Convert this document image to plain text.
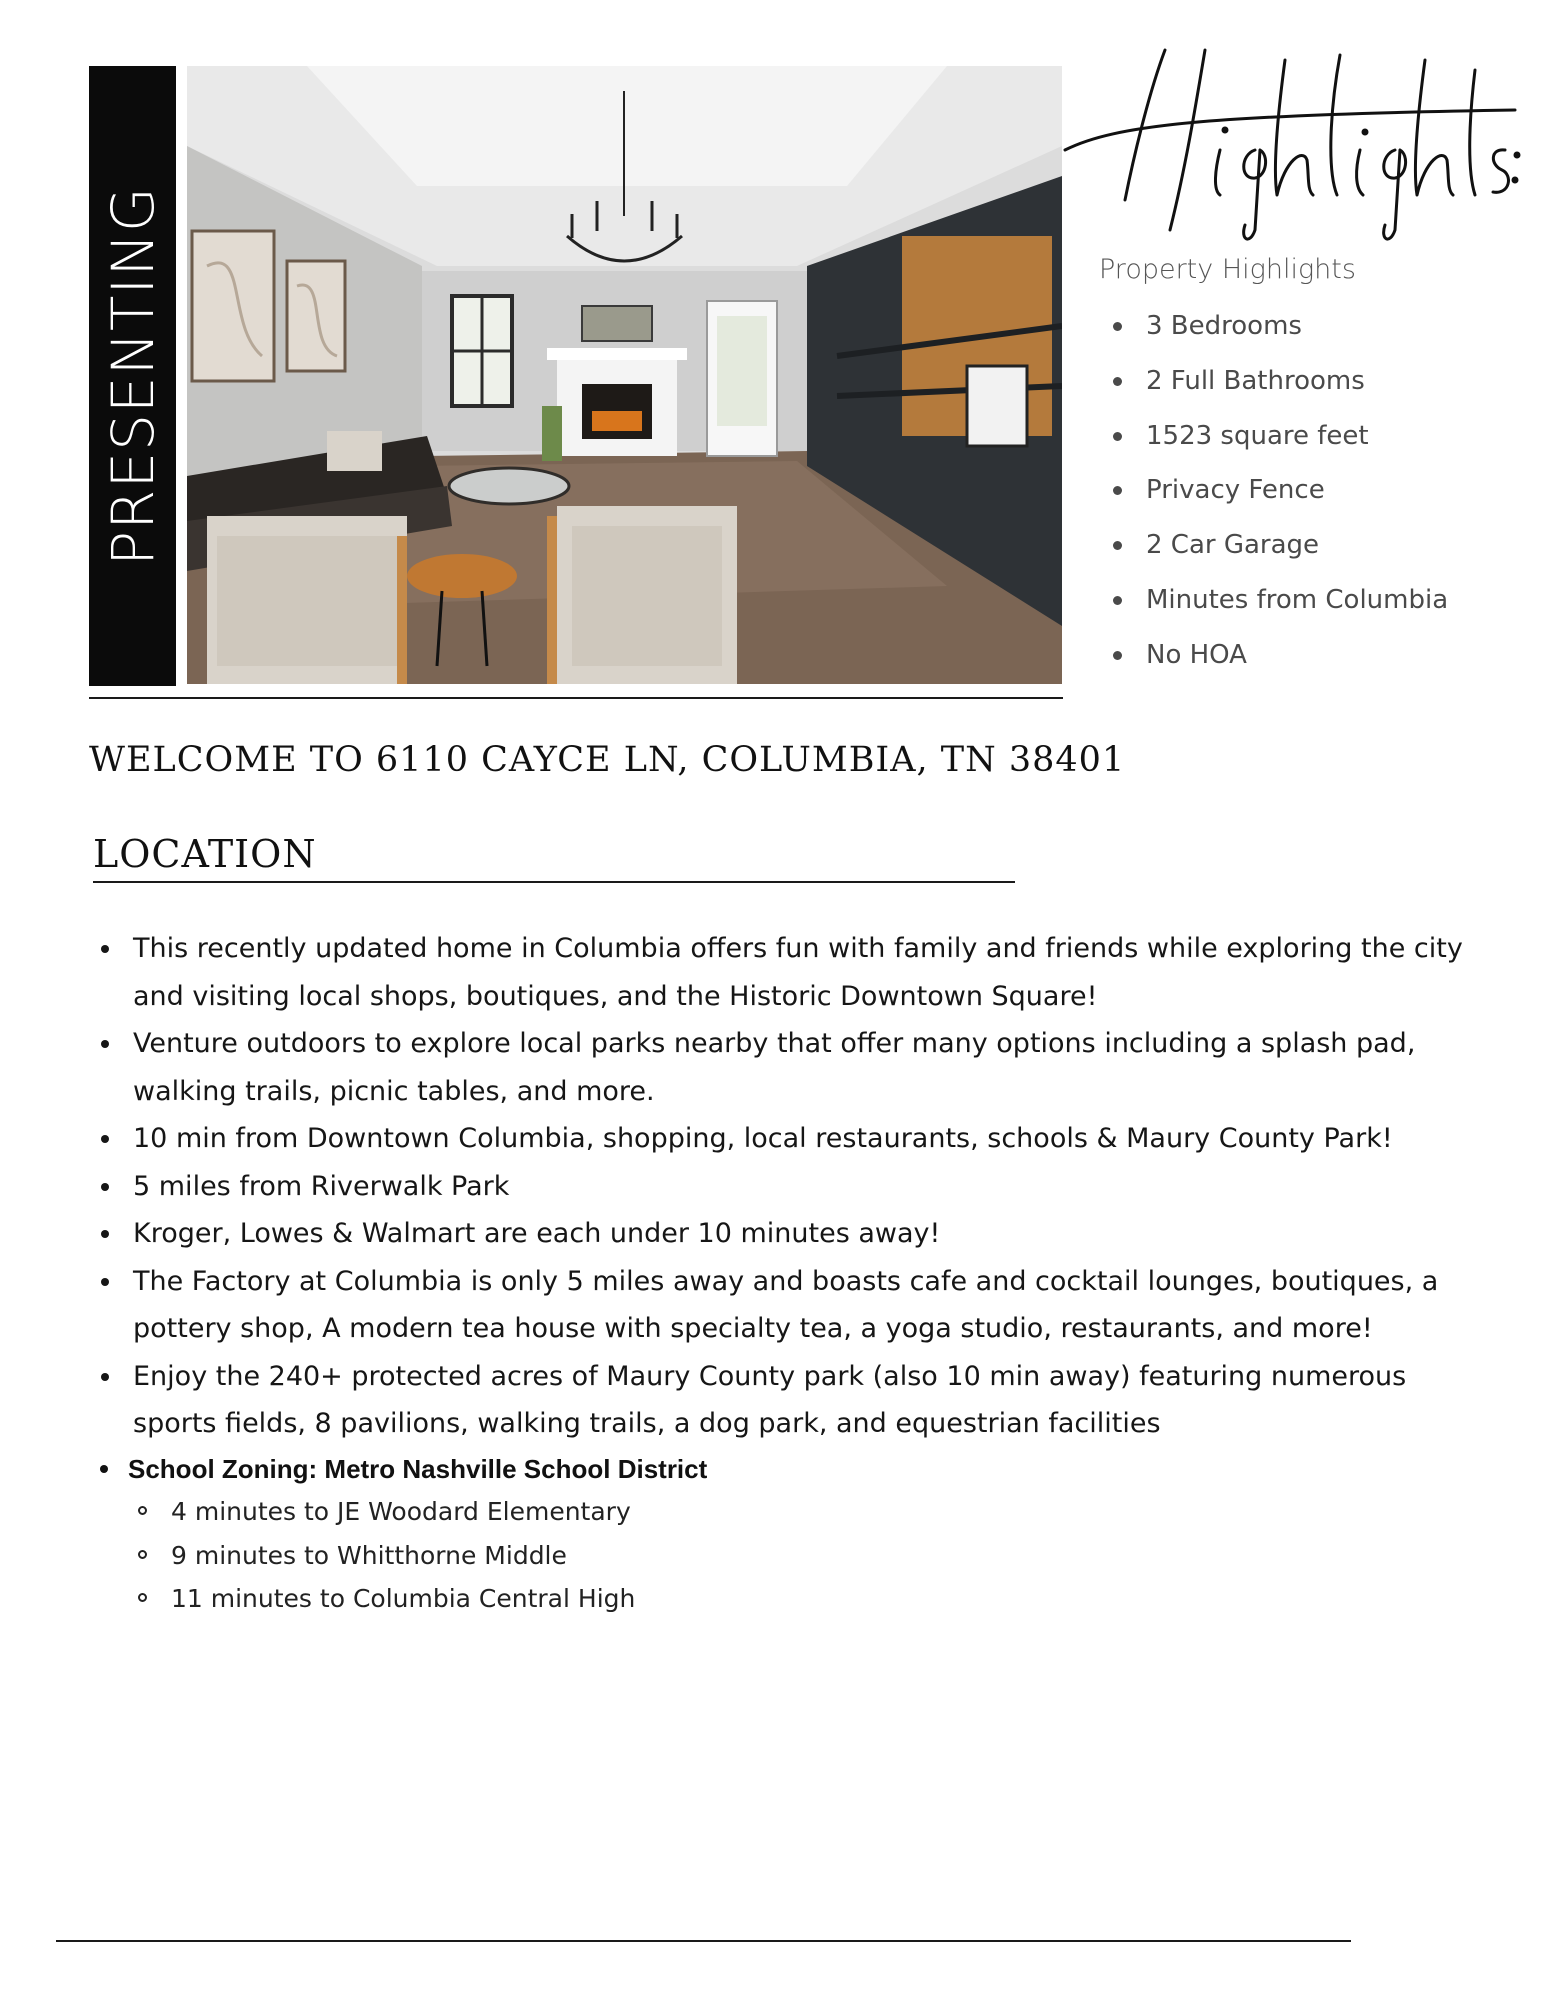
PRESENTING	Property Highlights
3 Bedrooms
2 Full Bathrooms
1523 square feet
Privacy Fence
2 Car Garage
Minutes from Columbia
No HOA
WELCOME TO 6110 CAYCE LN, COLUMBIA, TN 38401
LOCATION
This recently updated home in Columbia offers fun with family and friends while exploring the city and visiting local shops, boutiques, and the Historic Downtown Square!
Venture outdoors to explore local parks nearby that offer many options including a splash pad, walking trails, picnic tables, and more.
10 min from Downtown Columbia, shopping, local restaurants, schools & Maury County Park!
5 miles from Riverwalk Park
Kroger, Lowes & Walmart are each under 10 minutes away!
The Factory at Columbia is only 5 miles away and boasts cafe and cocktail lounges, boutiques, a pottery shop, A modern tea house with specialty tea, a yoga studio, restaurants, and more!
Enjoy the 240+ protected acres of Maury County park (also 10 min away) featuring numerous sports fields, 8 pavilions, walking trails, a dog park, and equestrian facilities
School Zoning: Metro Nashville School District
4 minutes to JE Woodard Elementary
9 minutes to Whitthorne Middle
11 minutes to Columbia Central High
